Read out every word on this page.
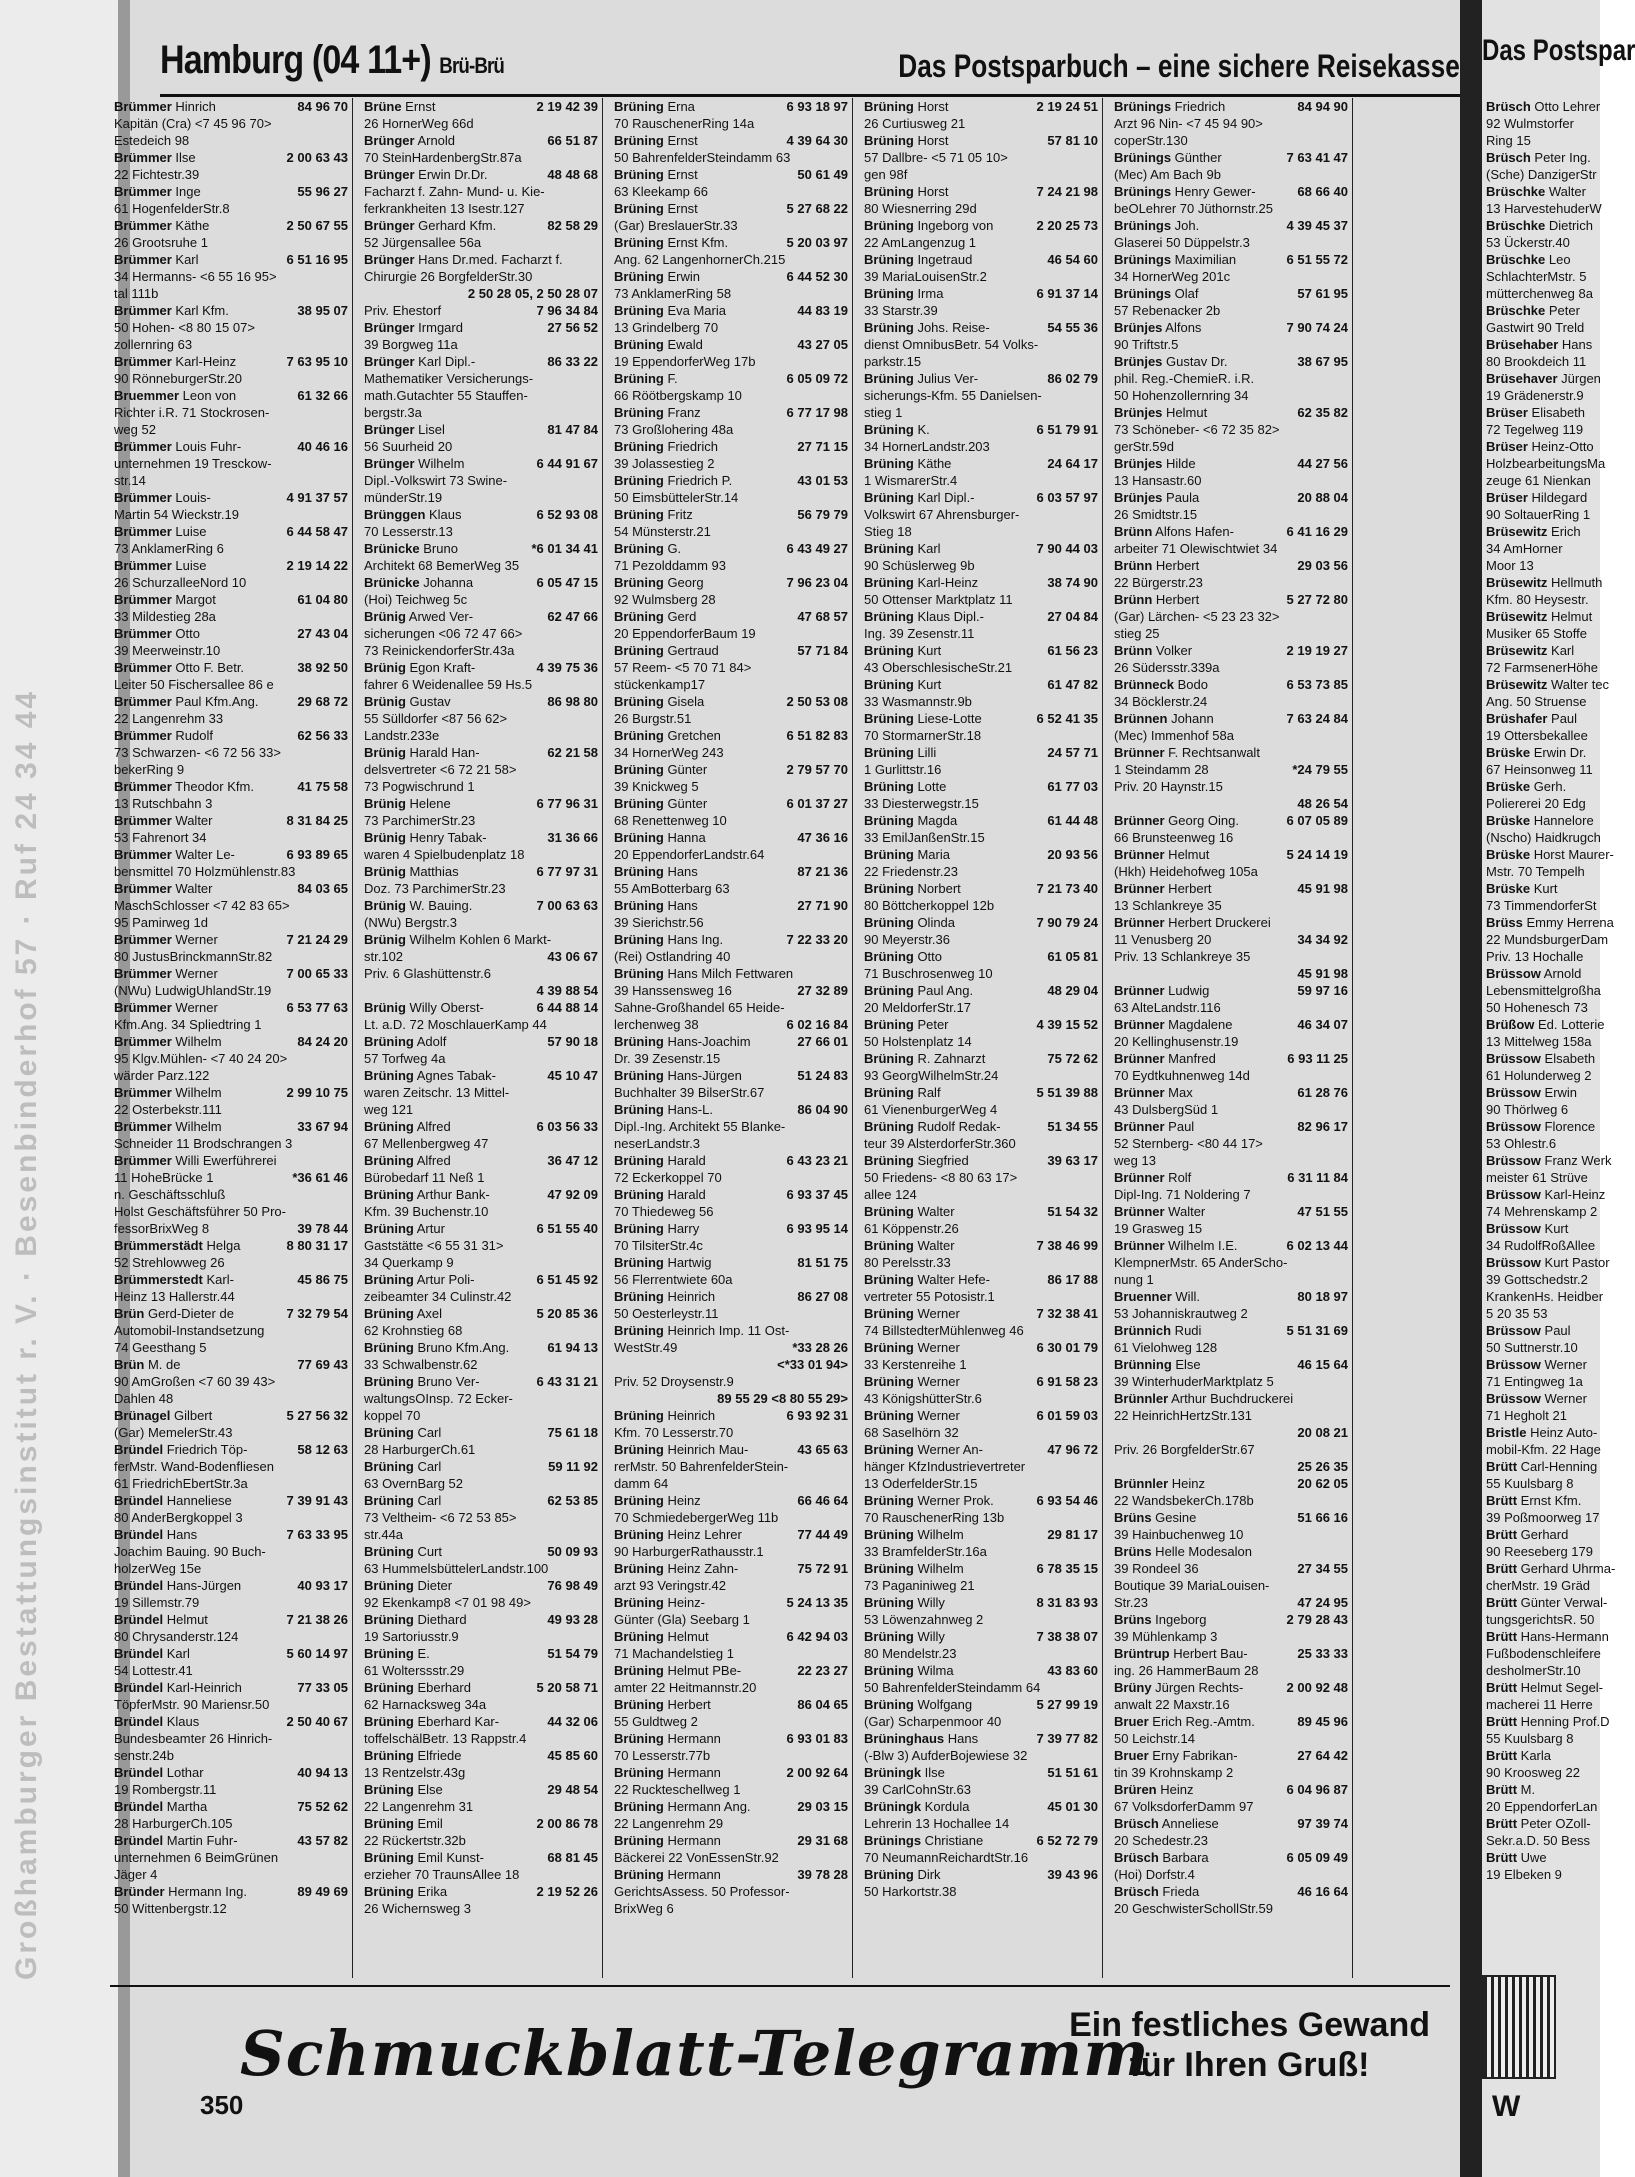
Großhamburger Bestattungsinstitut r. V. · Besenbinderhof 57 · Ruf 24 34 44
Hamburg (04 11+) Brü-Brü	Das Postsparbuch – eine sichere Reisekasse Das Postspar
Brüsch Otto Lehrer
92 Wulmstorfer
Ring 15
Brüsch Peter Ing.
(Sche) DanzigerStr
Brüschke Walter
13 HarvestehuderW
Brüschke Dietrich
53 Ückerstr.40
Brüschke Leo
SchlachterMstr. 5
mütterchenweg 8a
Brüschke Peter
Gastwirt 90 Treld
Brüsehaber Hans
80 Brookdeich 11
Brüsehaver Jürgen
19 Grädenerstr.9
Brüser Elisabeth
72 Tegelweg 119
Brüser Heinz-Otto
HolzbearbeitungsMa
zeuge 61 Nienkan
Brüser Hildegard
90 SoltauerRing 1
Brüsewitz Erich
34 AmHorner
Moor 13
Brüsewitz Hellmuth
Kfm. 80 Heysestr.
Brüsewitz Helmut
Musiker 65 Stoffe
Brüsewitz Karl
72 FarmsenerHöhe
Brüsewitz Walter tec
Ang. 50 Struense
Brüshafer Paul
19 Ottersbekallee
Brüske Erwin Dr.
67 Heinsonweg 11
Brüske Gerh.
Poliererei 20 Edg
Brüske Hannelore
(Nscho) Haidkrugch
Brüske Horst Maurer-
Mstr. 70 Tempelh
Brüske Kurt
73 TimmendorferSt
Brüss Emmy Herrena
22 MundsburgerDam
Priv. 13 Hochalle
Brüssow Arnold
Lebensmittelgroßha
50 Hohenesch 73
Brüßow Ed. Lotterie
13 Mittelweg 158a
Brüssow Elsabeth
61 Holunderweg 2
Brüssow Erwin
90 Thörlweg 6
Brüssow Florence
53 Ohlestr.6
Brüssow Franz Werk
meister 61 Strüve
Brüssow Karl-Heinz
74 Mehrenskamp 2
Brüssow Kurt
34 RudolfRoßAllee
Brüssow Kurt Pastor
39 Gottschedstr.2
KrankenHs. Heidber
5 20 35 53
Brüssow Paul
50 Suttnerstr.10
Brüssow Werner
71 Entingweg 1a
Brüssow Werner
71 Hegholt 21
Bristle Heinz Auto-
mobil-Kfm. 22 Hage
Brütt Carl-Henning
55 Kuulsbarg 8
Brütt Ernst Kfm.
39 Poßmoorweg 17
Brütt Gerhard
90 Reeseberg 179
Brütt Gerhard Uhrma-
cherMstr. 19 Gräd
Brütt Günter Verwal-
tungsgerichtsR. 50
Brütt Hans-Hermann
Fußbodenschleifere
desholmerStr.10
Brütt Helmut Segel-
macherei 11 Herre
Brütt Henning Prof.D
55 Kuulsbarg 8
Brütt Karla
90 Kroosweg 22
Brütt M.
20 EppendorferLan
Brütt Peter OZoll-
Sekr.a.D. 50 Bess
Brütt Uwe
19 Elbeken 9
W
84 96 70
Brümmer Hinrich
Kapitän (Cra) <7 45 96 70>
Estedeich 98
2 00 63 43
Brümmer Ilse
22 Fichtestr.39
55 96 27
Brümmer Inge
61 HogenfelderStr.8
2 50 67 55
Brümmer Käthe
26 Grootsruhe 1
6 51 16 95
Brümmer Karl
34 Hermanns- <6 55 16 95>
tal 111b
38 95 07
Brümmer Karl Kfm.
50 Hohen- <8 80 15 07>
zollernring 63
7 63 95 10
Brümmer Karl-Heinz
90 RönneburgerStr.20
61 32 66
Bruemmer Leon von
Richter i.R. 71 Stockrosen-
weg 52
40 46 16
Brümmer Louis Fuhr-
unternehmen 19 Tresckow-
str.14
4 91 37 57
Brümmer Louis-
Martin 54 Wieckstr.19
6 44 58 47
Brümmer Luise
73 AnklamerRing 6
2 19 14 22
Brümmer Luise
26 SchurzalleeNord 10
61 04 80
Brümmer Margot
33 Mildestieg 28a
27 43 04
Brümmer Otto
39 Meerweinstr.10
38 92 50
Brümmer Otto F. Betr.
Leiter 50 Fischersallee 86 e
29 68 72
Brümmer Paul Kfm.Ang.
22 Langenrehm 33
62 56 33
Brümmer Rudolf
73 Schwarzen- <6 72 56 33>
bekerRing 9
41 75 58
Brümmer Theodor Kfm.
13 Rutschbahn 3
8 31 84 25
Brümmer Walter
53 Fahrenort 34
6 93 89 65
Brümmer Walter Le-
bensmittel 70 Holzmühlenstr.83
84 03 65
Brümmer Walter
MaschSchlosser <7 42 83 65>
95 Pamirweg 1d
7 21 24 29
Brümmer Werner
80 JustusBrinckmannStr.82
7 00 65 33
Brümmer Werner
(NWu) LudwigUhlandStr.19
6 53 77 63
Brümmer Werner
Kfm.Ang. 34 Spliedtring 1
84 24 20
Brümmer Wilhelm
95 Klgv.Mühlen- <7 40 24 20>
wärder Parz.122
2 99 10 75
Brümmer Wilhelm
22 Osterbekstr.111
33 67 94
Brümmer Wilhelm
Schneider 11 Brodschrangen 3
Brümmer Willi Ewerführerei
*36 61 46
11 HoheBrücke 1
n. Geschäftsschluß
Holst Geschäftsführer 50 Pro-
39 78 44
fessorBrixWeg 8
8 80 31 17
Brümmerstädt Helga
52 Strehlowweg 26
45 86 75
Brümmerstedt Karl-
Heinz 13 Hallerstr.44
7 32 79 54
Brün Gerd-Dieter de
Automobil-Instandsetzung
74 Geesthang 5
77 69 43
Brün M. de
90 AmGroßen <7 60 39 43>
Dahlen 48
5 27 56 32
Brünagel Gilbert
(Gar) MemelerStr.43
58 12 63
Bründel Friedrich Töp-
ferMstr. Wand-Bodenfliesen
61 FriedrichEbertStr.3a
7 39 91 43
Bründel Hanneliese
80 AnderBergkoppel 3
7 63 33 95
Bründel Hans
Joachim Bauing. 90 Buch-
holzerWeg 15e
40 93 17
Bründel Hans-Jürgen
19 Sillemstr.79
7 21 38 26
Bründel Helmut
80 Chrysanderstr.124
5 60 14 97
Bründel Karl
54 Lottestr.41
77 33 05
Bründel Karl-Heinrich
TöpferMstr. 90 Mariensr.50
2 50 40 67
Bründel Klaus
Bundesbeamter 26 Hinrich-
senstr.24b
40 94 13
Bründel Lothar
19 Rombergstr.11
75 52 62
Bründel Martha
28 HarburgerCh.105
43 57 82
Bründel Martin Fuhr-
unternehmen 6 BeimGrünen
Jäger 4
89 49 69
Bründer Hermann Ing.
50 Wittenbergstr.12
2 19 42 39
Brüne Ernst
26 HornerWeg 66d
66 51 87
Brünger Arnold
70 SteinHardenbergStr.87a
48 48 68
Brünger Erwin Dr.Dr.
Facharzt f. Zahn- Mund- u. Kie-
ferkrankheiten 13 Isestr.127
82 58 29
Brünger Gerhard Kfm.
52 Jürgensallee 56a
Brünger Hans Dr.med. Facharzt f.
Chirurgie 26 BorgfelderStr.30
2 50 28 05, 2 50 28 07
7 96 34 84
Priv. Ehestorf
27 56 52
Brünger Irmgard
39 Borgweg 11a
86 33 22
Brünger Karl Dipl.-
Mathematiker Versicherungs-
math.Gutachter 55 Stauffen-
bergstr.3a
81 47 84
Brünger Lisel
56 Suurheid 20
6 44 91 67
Brünger Wilhelm
Dipl.-Volkswirt 73 Swine-
münderStr.19
6 52 93 08
Brünggen Klaus
70 Lesserstr.13
*6 01 34 41
Brünicke Bruno
Architekt 68 BemerWeg 35
6 05 47 15
Brünicke Johanna
(Hoi) Teichweg 5c
62 47 66
Brünig Arwed Ver-
sicherungen <06 72 47 66>
73 ReinickendorferStr.43a
4 39 75 36
Brünig Egon Kraft-
fahrer 6 Weidenallee 59 Hs.5
86 98 80
Brünig Gustav
55 Sülldorfer <87 56 62>
Landstr.233e
62 21 58
Brünig Harald Han-
delsvertreter <6 72 21 58>
73 Pogwischrund 1
6 77 96 31
Brünig Helene
73 ParchimerStr.23
31 36 66
Brünig Henry Tabak-
waren 4 Spielbudenplatz 18
6 77 97 31
Brünig Matthias
Doz. 73 ParchimerStr.23
7 00 63 63
Brünig W. Bauing.
(NWu) Bergstr.3
Brünig Wilhelm Kohlen 6 Markt-
43 06 67
str.102
Priv. 6 Glashüttenstr.6
4 39 88 54
6 44 88 14
Brünig Willy Oberst-
Lt. a.D. 72 MoschlauerKamp 44
57 90 18
Brüning Adolf
57 Torfweg 4a
45 10 47
Brüning Agnes Tabak-
waren Zeitschr. 13 Mittel-
weg 121
6 03 56 33
Brüning Alfred
67 Mellenbergweg 47
36 47 12
Brüning Alfred
Bürobedarf 11 Neß 1
47 92 09
Brüning Arthur Bank-
Kfm. 39 Buchenstr.10
6 51 55 40
Brüning Artur
Gaststätte <6 55 31 31>
34 Querkamp 9
6 51 45 92
Brüning Artur Poli-
zeibeamter 34 Culinstr.42
5 20 85 36
Brüning Axel
62 Krohnstieg 68
61 94 13
Brüning Bruno Kfm.Ang.
33 Schwalbenstr.62
6 43 31 21
Brüning Bruno Ver-
waltungsOInsp. 72 Ecker-
koppel 70
75 61 18
Brüning Carl
28 HarburgerCh.61
59 11 92
Brüning Carl
63 OvernBarg 52
62 53 85
Brüning Carl
73 Veltheim- <6 72 53 85>
str.44a
50 09 93
Brüning Curt
63 HummelsbüttelerLandstr.100
76 98 49
Brüning Dieter
92 Ekenkamp8 <7 01 98 49>
49 93 28
Brüning Diethard
19 Sartoriusstr.9
51 54 79
Brüning E.
61 Wolterssstr.29
5 20 58 71
Brüning Eberhard
62 Harnacksweg 34a
44 32 06
Brüning Eberhard Kar-
toffelschälBetr. 13 Rappstr.4
45 85 60
Brüning Elfriede
13 Rentzelstr.43g
29 48 54
Brüning Else
22 Langenrehm 31
2 00 86 78
Brüning Emil
22 Rückertstr.32b
68 81 45
Brüning Emil Kunst-
erzieher 70 TraunsAllee 18
2 19 52 26
Brüning Erika
26 Wichernsweg 3
6 93 18 97
Brüning Erna
70 RauschenerRing 14a
4 39 64 30
Brüning Ernst
50 BahrenfelderSteindamm 63
50 61 49
Brüning Ernst
63 Kleekamp 66
5 27 68 22
Brüning Ernst
(Gar) BreslauerStr.33
5 20 03 97
Brüning Ernst Kfm.
Ang. 62 LangenhornerCh.215
6 44 52 30
Brüning Erwin
73 AnklamerRing 58
44 83 19
Brüning Eva Maria
13 Grindelberg 70
43 27 05
Brüning Ewald
19 EppendorferWeg 17b
6 05 09 72
Brüning F.
66 Röötbergskamp 10
6 77 17 98
Brüning Franz
73 Großlohering 48a
27 71 15
Brüning Friedrich
39 Jolassestieg 2
43 01 53
Brüning Friedrich P.
50 EimsbüttelerStr.14
56 79 79
Brüning Fritz
54 Münsterstr.21
6 43 49 27
Brüning G.
71 Pezolddamm 93
7 96 23 04
Brüning Georg
92 Wulmsberg 28
47 68 57
Brüning Gerd
20 EppendorferBaum 19
57 71 84
Brüning Gertraud
57 Reem- <5 70 71 84>
stückenkamp17
2 50 53 08
Brüning Gisela
26 Burgstr.51
6 51 82 83
Brüning Gretchen
34 HornerWeg 243
2 79 57 70
Brüning Günter
39 Knickweg 5
6 01 37 27
Brüning Günter
68 Renettenweg 10
47 36 16
Brüning Hanna
20 EppendorferLandstr.64
87 21 36
Brüning Hans
55 AmBotterbarg 63
27 71 90
Brüning Hans
39 Sierichstr.56
7 22 33 20
Brüning Hans Ing.
(Rei) Ostlandring 40
Brüning Hans Milch Fettwaren
27 32 89
39 Hanssensweg 16
Sahne-Großhandel 65 Heide-
6 02 16 84
lerchenweg 38
27 66 01
Brüning Hans-Joachim
Dr. 39 Zesenstr.15
51 24 83
Brüning Hans-Jürgen
Buchhalter 39 BilserStr.67
86 04 90
Brüning Hans-L.
Dipl.-Ing. Architekt 55 Blanke-
neserLandstr.3
6 43 23 21
Brüning Harald
72 Eckerkoppel 70
6 93 37 45
Brüning Harald
70 Thiedeweg 56
6 93 95 14
Brüning Harry
70 TilsiterStr.4c
81 51 75
Brüning Hartwig
56 Flerrentwiete 60a
86 27 08
Brüning Heinrich
50 Oesterleystr.11
Brüning Heinrich Imp. 11 Ost-
*33 28 26
WestStr.49
<*33 01 94>
Priv. 52 Droysenstr.9
89 55 29 <8 80 55 29>
6 93 92 31
Brüning Heinrich
Kfm. 70 Lesserstr.70
43 65 63
Brüning Heinrich Mau-
rerMstr. 50 BahrenfelderStein-
damm 64
66 46 64
Brüning Heinz
70 SchmiedebergerWeg 11b
77 44 49
Brüning Heinz Lehrer
90 HarburgerRathausstr.1
75 72 91
Brüning Heinz Zahn-
arzt 93 Veringstr.42
5 24 13 35
Brüning Heinz-
Günter (Gla) Seebarg 1
6 42 94 03
Brüning Helmut
71 Machandelstieg 1
22 23 27
Brüning Helmut PBe-
amter 22 Heitmannstr.20
86 04 65
Brüning Herbert
55 Guldtweg 2
6 93 01 83
Brüning Hermann
70 Lesserstr.77b
2 00 92 64
Brüning Hermann
22 Ruckteschellweg 1
29 03 15
Brüning Hermann Ang.
22 Langenrehm 29
29 31 68
Brüning Hermann
Bäckerei 22 VonEssenStr.92
39 78 28
Brüning Hermann
GerichtsAssess. 50 Professor-
BrixWeg 6
2 19 24 51
Brüning Horst
26 Curtiusweg 21
57 81 10
Brüning Horst
57 Dallbre- <5 71 05 10>
gen 98f
7 24 21 98
Brüning Horst
80 Wiesnerring 29d
2 20 25 73
Brüning Ingeborg von
22 AmLangenzug 1
46 54 60
Brüning Ingetraud
39 MariaLouisenStr.2
6 91 37 14
Brüning Irma
33 Starstr.39
54 55 36
Brüning Johs. Reise-
dienst OmnibusBetr. 54 Volks-
parkstr.15
86 02 79
Brüning Julius Ver-
sicherungs-Kfm. 55 Danielsen-
stieg 1
6 51 79 91
Brüning K.
34 HornerLandstr.203
24 64 17
Brüning Käthe
1 WismarerStr.4
6 03 57 97
Brüning Karl Dipl.-
Volkswirt 67 Ahrensburger-
Stieg 18
7 90 44 03
Brüning Karl
90 Schüslerweg 9b
38 74 90
Brüning Karl-Heinz
50 Ottenser Marktplatz 11
27 04 84
Brüning Klaus Dipl.-
Ing. 39 Zesenstr.11
61 56 23
Brüning Kurt
43 OberschlesischeStr.21
61 47 82
Brüning Kurt
33 Wasmannstr.9b
6 52 41 35
Brüning Liese-Lotte
70 StormarnerStr.18
24 57 71
Brüning Lilli
1 Gurlittstr.16
61 77 03
Brüning Lotte
33 Diesterwegstr.15
61 44 48
Brüning Magda
33 EmilJanßenStr.15
20 93 56
Brüning Maria
22 Friedenstr.23
7 21 73 40
Brüning Norbert
80 Böttcherkoppel 12b
7 90 79 24
Brüning Olinda
90 Meyerstr.36
61 05 81
Brüning Otto
71 Buschrosenweg 10
48 29 04
Brüning Paul Ang.
20 MeldorferStr.17
4 39 15 52
Brüning Peter
50 Holstenplatz 14
75 72 62
Brüning R. Zahnarzt
93 GeorgWilhelmStr.24
5 51 39 88
Brüning Ralf
61 VienenburgerWeg 4
51 34 55
Brüning Rudolf Redak-
teur 39 AlsterdorferStr.360
39 63 17
Brüning Siegfried
50 Friedens- <8 80 63 17>
allee 124
51 54 32
Brüning Walter
61 Köppenstr.26
7 38 46 99
Brüning Walter
80 Perelsstr.33
86 17 88
Brüning Walter Hefe-
vertreter 55 Potosistr.1
7 32 38 41
Brüning Werner
74 BillstedterMühlenweg 46
6 30 01 79
Brüning Werner
33 Kerstenreihe 1
6 91 58 23
Brüning Werner
43 KönigshütterStr.6
6 01 59 03
Brüning Werner
68 Saselhörn 32
47 96 72
Brüning Werner An-
hänger KfzIndustrievertreter
13 OderfelderStr.15
6 93 54 46
Brüning Werner Prok.
70 RauschenerRing 13b
29 81 17
Brüning Wilhelm
33 BramfelderStr.16a
6 78 35 15
Brüning Wilhelm
73 Paganiniweg 21
8 31 83 93
Brüning Willy
53 Löwenzahnweg 2
7 38 38 07
Brüning Willy
80 Mendelstr.23
43 83 60
Brüning Wilma
50 BahrenfelderSteindamm 64
5 27 99 19
Brüning Wolfgang
(Gar) Scharpenmoor 40
7 39 77 82
Brüninghaus Hans
(-Blw 3) AufderBojewiese 32
51 51 61
Brüningk Ilse
39 CarlCohnStr.63
45 01 30
Brüningk Kordula
Lehrerin 13 Hochallee 14
6 52 72 79
Brünings Christiane
70 NeumannReichardtStr.16
39 43 96
Brüning Dirk
50 Harkortstr.38
84 94 90
Brünings Friedrich
Arzt 96 Nin- <7 45 94 90>
coperStr.130
7 63 41 47
Brünings Günther
(Mec) Am Bach 9b
68 66 40
Brünings Henry Gewer-
beOLehrer 70 Jüthornstr.25
4 39 45 37
Brünings Joh.
Glaserei 50 Düppelstr.3
6 51 55 72
Brünings Maximilian
34 HornerWeg 201c
57 61 95
Brünings Olaf
57 Rebenacker 2b
7 90 74 24
Brünjes Alfons
90 Triftstr.5
38 67 95
Brünjes Gustav Dr.
phil. Reg.-ChemieR. i.R.
50 Hohenzollernring 34
62 35 82
Brünjes Helmut
73 Schöneber- <6 72 35 82>
gerStr.59d
44 27 56
Brünjes Hilde
13 Hansastr.60
20 88 04
Brünjes Paula
26 Smidtstr.15
6 41 16 29
Brünn Alfons Hafen-
arbeiter 71 Olewischtwiet 34
29 03 56
Brünn Herbert
22 Bürgerstr.23
5 27 72 80
Brünn Herbert
(Gar) Lärchen- <5 23 23 32>
stieg 25
2 19 19 27
Brünn Volker
26 Südersstr.339a
6 53 73 85
Brünneck Bodo
34 Böcklerstr.24
7 63 24 84
Brünnen Johann
(Mec) Immenhof 58a
Brünner F. Rechtsanwalt
*24 79 55
1 Steindamm 28
Priv. 20 Haynstr.15
48 26 54
6 07 05 89
Brünner Georg Oing.
66 Brunsteenweg 16
5 24 14 19
Brünner Helmut
(Hkh) Heidehofweg 105a
45 91 98
Brünner Herbert
13 Schlankreye 35
Brünner Herbert Druckerei
34 34 92
11 Venusberg 20
Priv. 13 Schlankreye 35
45 91 98
59 97 16
Brünner Ludwig
63 AlteLandstr.116
46 34 07
Brünner Magdalene
20 Kellinghusenstr.19
6 93 11 25
Brünner Manfred
70 Eydtkuhnenweg 14d
61 28 76
Brünner Max
43 DulsbergSüd 1
82 96 17
Brünner Paul
52 Sternberg- <80 44 17>
weg 13
6 31 11 84
Brünner Rolf
Dipl-Ing. 71 Noldering 7
47 51 55
Brünner Walter
19 Grasweg 15
6 02 13 44
Brünner Wilhelm I.E.
KlempnerMstr. 65 AnderScho-
nung 1
80 18 97
Bruenner Will.
53 Johanniskrautweg 2
5 51 31 69
Brünnich Rudi
61 Vielohweg 128
46 15 64
Brünning Else
39 WinterhuderMarktplatz 5
Brünnler Arthur Buchdruckerei
22 HeinrichHertzStr.131
20 08 21
Priv. 26 BorgfelderStr.67
25 26 35
20 62 05
Brünnler Heinz
22 WandsbekerCh.178b
51 66 16
Brüns Gesine
39 Hainbuchenweg 10
Brüns Helle Modesalon
27 34 55
39 Rondeel 36
Boutique 39 MariaLouisen-
47 24 95
Str.23
2 79 28 43
Brüns Ingeborg
39 Mühlenkamp 3
25 33 33
Brüntrup Herbert Bau-
ing. 26 HammerBaum 28
2 00 92 48
Brüny Jürgen Rechts-
anwalt 22 Maxstr.16
89 45 96
Bruer Erich Reg.-Amtm.
50 Leichstr.14
27 64 42
Bruer Erny Fabrikan-
tin 39 Krohnskamp 2
6 04 96 87
Brüren Heinz
67 VolksdorferDamm 97
97 39 74
Brüsch Anneliese
20 Schedestr.23
6 05 09 49
Brüsch Barbara
(Hoi) Dorfstr.4
46 16 64
Brüsch Frieda
20 GeschwisterSchollStr.59
Schmuckblatt-Telegramm
Ein festliches Gewand
für Ihren Gruß!
350
